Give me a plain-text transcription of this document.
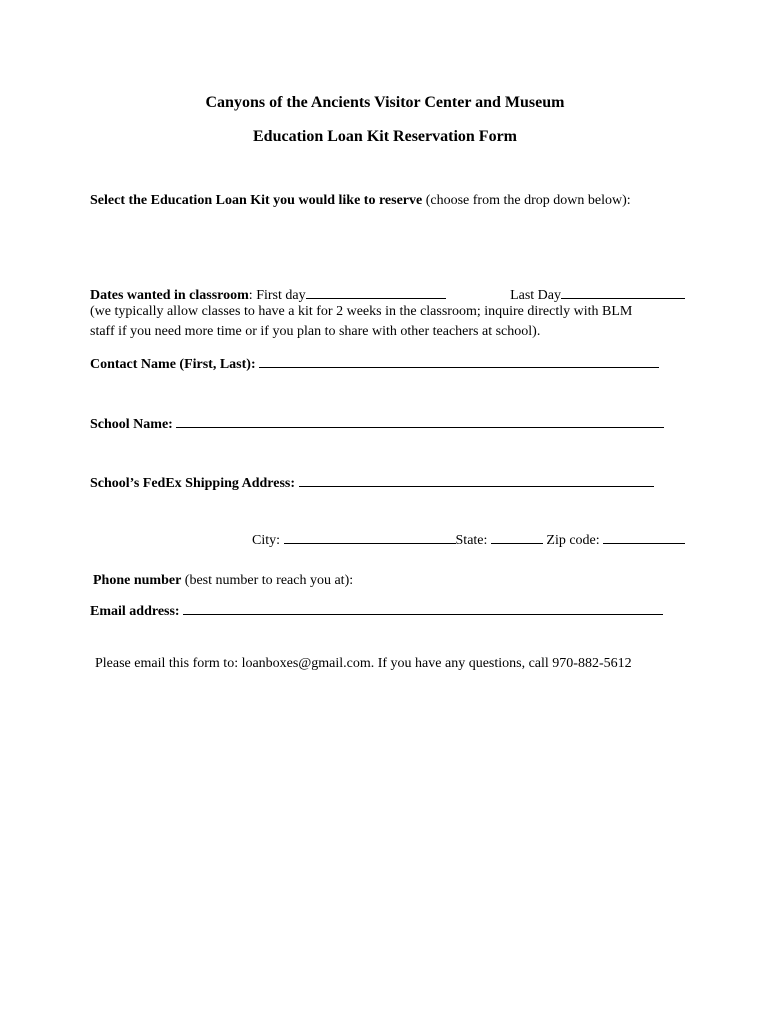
Canyons of the Ancients Visitor Center and Museum
Education Loan Kit Reservation Form
Select the Education Loan Kit you would like to reserve (choose from the drop down below):
Dates wanted in classroom: First day	Last Day
(we typically allow classes to have a kit for 2 weeks in the classroom; inquire directly with BLM
staff if you need more time or if you plan to share with other teachers at school).
Contact Name (First, Last):
School Name:
School’s FedEx Shipping Address:
City:	State:	Zip code:
Phone number (best number to reach you at):
Email address:
Please email this form to: loanboxes@gmail.com. If you have any questions, call 970-882-5612
